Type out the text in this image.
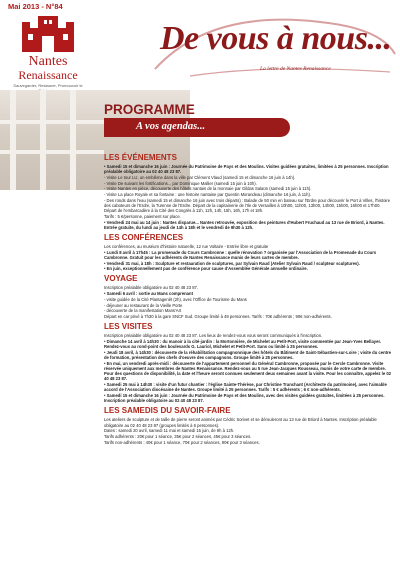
Mai 2013 - N°84
Nantes
Renaissance
Sauvegarder, Restaurer, Promouvoir le
De vous à nous...
La lettre de Nantes Renaissance
PROGRAMME
A vos agendas...
LES ÉVÉNEMENTS
• Samedi 15 et dimanche 16 juin : Journée du Patrimoine de Pays et des Moulins. Visites guidées gratuites, limitées à 25 personnes. Inscription préalable obligatoire au 02 40 48 23 87.
- Visite Le tour LU, un emblème dans la ville par Clément Vlaud (samedi 15 et dimanche 16 juin à 14h).
- Visite De suivant les fortifications... par Dominique Mallier (samedi 15 juin à 10h).
- Visite Nantes en pièce, découverte des hôtels nantais de la monnaie par Gildas Salaün (samedi 15 juin à 11h).
- Visite La place Royale et sa fontaine : une histoire nantaise par Quentin Morandeau (dimanche 16 juin, à 11h).
- Des ronds dans l'eau (samedi 15 et dimanche 16 juin avec trois départs) : Balade de 50 min en bateau sur l'Erdre pour découvrir le Port à Villes, l'histoire des caboteurs de l'Erdre, la Turenne de l'Erdre. Départ de la capitainerie de l'Ile de Versailles à 10h00, 11h00, 13h00, 14h00, 15h00, 16h00 et 17h00. Départ de l'embarcadère à la Cité des Congrès à 11h, 12h, 14h, 15h, 16h, 17h et 18h.
Tarifs : 5 €/personne, paiement sur place.
• Vendredi 24 mai au 14 juin : Nantes disparue... Nantes retrouvée, exposition des peintures d'Hubert Fruchaud au 13 rue de Briord, à Nantes. Entrée gratuite, du lundi au jeudi de 14h à 18h et le vendredi de 9h30 à 12h.
LES CONFÉRENCES
Les conférences, au muséum d'histoire naturelle, 12 rue Voltaire - Entrée libre et gratuite
• Lundi 8 avril à 17h45 : La promenade du Cours Cambronne : quelle rénovation ? organisée par l'Association de la Promenade du Cours Cambronne. Gratuit pour les adhérents de Nantes Renaissance munis de leurs cartes de membre.
• Vendredi 31 mai, à 18h : Sculpture et restauration de sculptures, par Sylvain Raud (Atelier Sylvain Raud / sculpteur sculptures).
• En juin, exceptionnellement pas de conférence pour cause d'Assemblée Générale annuelle ordinaire.
VOYAGE
Inscription préalable obligatoire au 02 40 48 23 87.
• Samedi 6 avril : sortie au Mans comprenant
- visite guidée de la Cité Plantagenêt (2h), avec l'Office de Tourisme du Mans
- déjeuner au restaurant de la Vieille Porte
- découverte de la manifestation Mans'Art
Départ en car privé à 7h30 à la gare SNCF Sud. Groupe limité à 49 personnes. Tarifs : 70€ adhérents ; 90€ non-adhérents.
LES VISITES
Inscription préalable obligatoire au 02 40 48 23 87. Les lieux de rendez-vous vous seront communiqués à l'inscription.
• Dimanche 14 avril à 14h30 : du manoir à la cité-jardin : la Mortonnière, de Michelet au Petit-Port, visite commentée par Jean-Yves Bellayer. Rendez-vous au rond-point des boulevards G. Lauriol, Michelet et Petit-Port. Sans ou limité à 25 personnes.
• Jeudi 18 avril, à 14h30 : découverte de la réhabilitation compagnonnique des hôtels du Bâtiment de Saint-Sébastien-sur-Loire ; visite du centre de formation, présentation des chefs d'oeuvre des compagnons. Groupe limité à 25 personnes.
• En mai, un vendredi après-midi : découverte de l'appartement personnel du Général Cambronne, proposée par le Cercle Cambronne. Visite réservée uniquement aux membres de Nantes Renaissance. Rendez-vous au 5 rue Jean-Jacques Rousseau, munis de votre carte de membre. Pour des questions de disponibilité, la date et l'heure seront connues seulement deux semaines avant la visite. Pour les connaître, appelez le 02 40 48 23 87.
• Samedi 25 mai à 14h30 : visite d'un futur chantier : l'église Sainte-Thérèse, par Christine Tranchant (Architecte du patrimoine), avec l'aimable accord de l'Association diocésaine de Nantes. Groupe limité à 25 personnes. Tarifs : 5 € adhérents ; 6 € non-adhérents.
• Samedi 15 et dimanche 16 juin : Journée du Patrimoine de Pays et des Moulins, avec des visites guidées gratuites, limitées à 25 personnes. Inscription préalable obligatoire au 02 40 48 23 87.
LES SAMEDIS DU SAVOIR-FAIRE
Les ateliers de sculpture et de taille de pierre seront animés par Cédric Sorivet et se dérouleront au 13 rue de Briord à Nantes. Inscription préalable obligatoire au 02 40 48 23 87 (groupes limités à 6 personnes).
Dates : samedi 20 avril, samedi 11 mai et samedi 15 juin, de 9h à 12h.
Tarifs adhérents : 20€ pour 1 séance, 35€ pour 2 séances, 45€ pour 3 séances.
Tarifs non-adhérents : 40€ pour 1 séance, 70€ pour 2 séances, 90€ pour 3 séances.
